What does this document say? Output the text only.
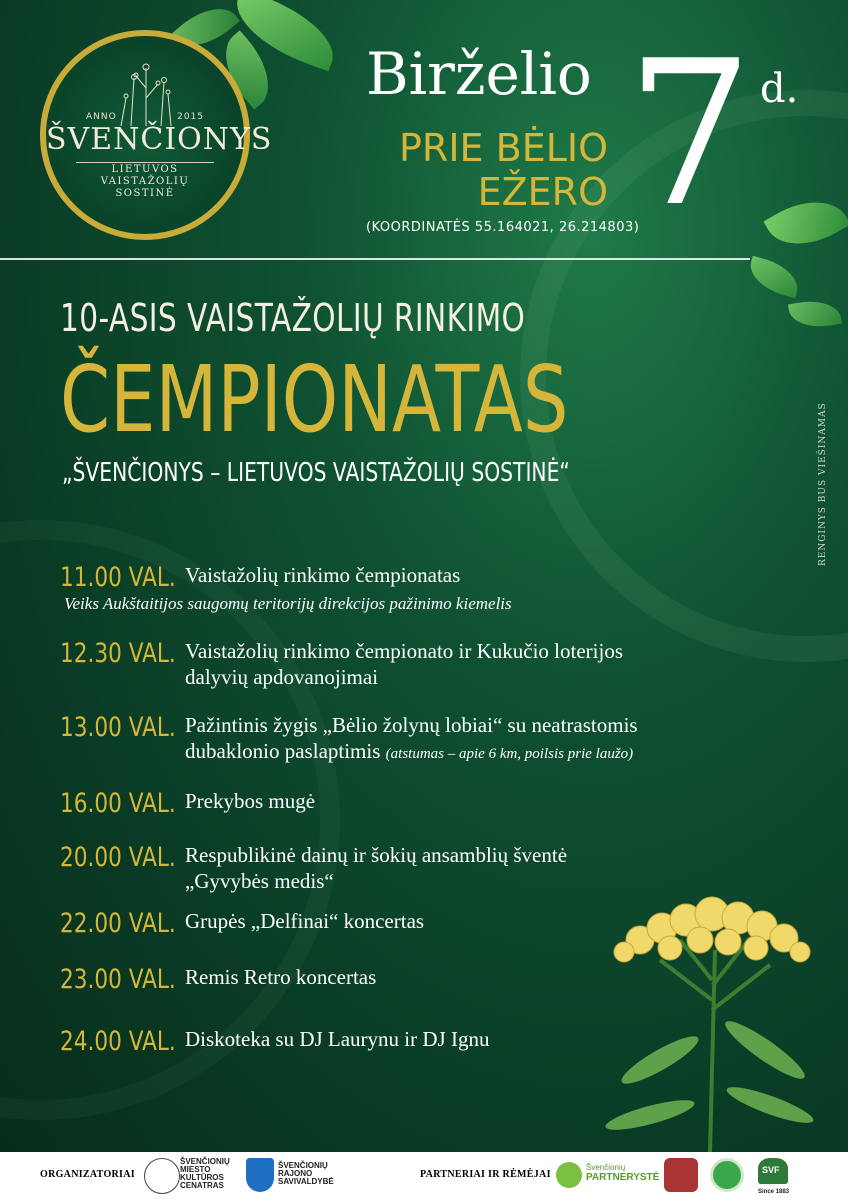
ANNO	2015
ŠVENČIONYS
LIETUVOS
VAISTAŽOLIŲ
SOSTINĖ
Birželio
PRIE BĖLIO
EŽERO 7 d.
(KOORDINATĖS 55.164021, 26.214803)
10-ASIS VAISTAŽOLIŲ RINKIMO
ČEMPIONATAS
„ŠVENČIONYS – LIETUVOS VAISTAŽOLIŲ SOSTINĖ“	RENGINYS BUS VIEŠINAMAS
11.00 VAL. Vaistažolių rinkimo čempionatas
Veiks Aukštaitijos saugomų teritorijų direkcijos pažinimo kiemelis
12.30 VAL. Vaistažolių rinkimo čempionato ir Kukučio loterijos
dalyvių apdovanojimai
13.00 VAL. Pažintinis žygis „Bėlio žolynų lobiai“ su neatrastomis
dubaklonio paslaptimis (atstumas – apie 6 km, poilsis prie laužo)
16.00 VAL. Prekybos mugė
20.00 VAL. Respublikinė dainų ir šokių ansamblių šventė
„Gyvybės medis“
22.00 VAL. Grupės „Delfinai“ koncertas
23.00 VAL. Remis Retro koncertas
24.00 VAL. Diskoteka su DJ Laurynu ir DJ Ignu
ORGANIZATORIAI
ŠVENČIONIŲ
MIESTO
KULTŪROS
CENATRAS
ŠVENČIONIŲ
RAJONO
SAVIVALDYBĖ
PARTNERIAI IR RĖMĖJAI
Švenčionių
PARTNERYSTĖ
SVF
Since 1883
